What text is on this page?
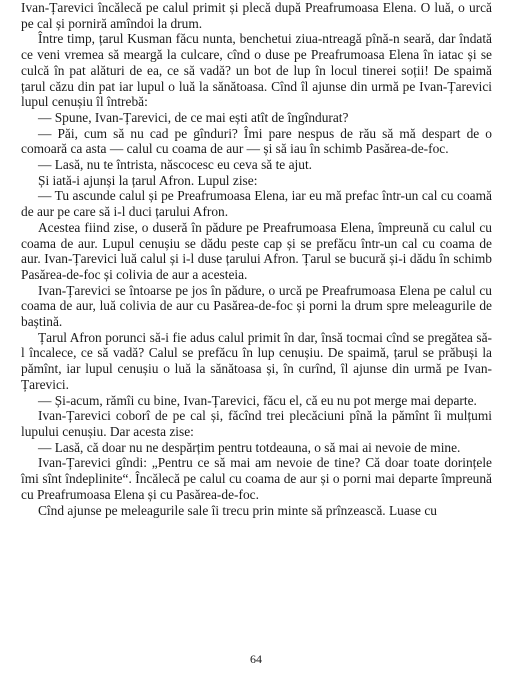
Ivan-Țarevici încălecă pe calul primit și plecă după Preafrumoasa Elena. O luă, o urcă pe cal și porniră amîndoi la drum.

Între timp, țarul Kusman făcu nunta, benchetui ziua-ntreagă pînă-n seară, dar îndată ce veni vremea să meargă la culcare, cînd o duse pe Preafrumoasa Elena în iatac și se culcă în pat alături de ea, ce să vadă? un bot de lup în locul tinerei soții! De spaimă țarul căzu din pat iar lupul o luă la sănătoasa. Cînd îl ajunse din urmă pe Ivan-Țarevici lupul cenușiu îl întrebă:

— Spune, Ivan-Țarevici, de ce mai ești atît de îngîndurat?

— Păi, cum să nu cad pe gînduri? Îmi pare nespus de rău să mă despart de o comoară ca asta — calul cu coama de aur — și să iau în schimb Pasărea-de-foc.

— Lasă, nu te întrista, născocesc eu ceva să te ajut.

Și iată-i ajunși la țarul Afron. Lupul zise:

— Tu ascunde calul și pe Preafrumoasa Elena, iar eu mă prefac într-un cal cu coamă de aur pe care să i-l duci țarului Afron.

Acestea fiind zise, o duseră în pădure pe Preafrumoasa Elena, împreună cu calul cu coama de aur. Lupul cenușiu se dădu peste cap și se prefăcu într-un cal cu coama de aur. Ivan-Țarevici luă calul și i-l duse țarului Afron. Țarul se bucură și-i dădu în schimb Pasărea-de-foc și colivia de aur a acesteia.

Ivan-Țarevici se întoarse pe jos în pădure, o urcă pe Preafrumoasa Elena pe calul cu coama de aur, luă colivia de aur cu Pasărea-de-foc și porni la drum spre meleagurile de baștină.

Țarul Afron porunci să-i fie adus calul primit în dar, însă tocmai cînd se pregătea să-l încalece, ce să vadă? Calul se prefăcu în lup cenușiu. De spaimă, țarul se prăbuși la pămînt, iar lupul cenușiu o luă la sănătoasa și, în curînd, îl ajunse din urmă pe Ivan-Țarevici.

— Și-acum, rămîi cu bine, Ivan-Țarevici, făcu el, că eu nu pot merge mai departe.

Ivan-Țarevici coborî de pe cal și, făcînd trei plecăciuni pînă la pămînt îi mulțumi lupului cenușiu. Dar acesta zise:

— Lasă, că doar nu ne despărțim pentru totdeauna, o să mai ai nevoie de mine.

Ivan-Țarevici gîndi: „Pentru ce să mai am nevoie de tine? Că doar toate dorințele îmi sînt îndeplinite“. Încălecă pe calul cu coama de aur și o porni mai departe împreună cu Preafrumoasa Elena și cu Pasărea-de-foc.

Cînd ajunse pe meleagurile sale îi trecu prin minte să prînzească. Luase cu

64
